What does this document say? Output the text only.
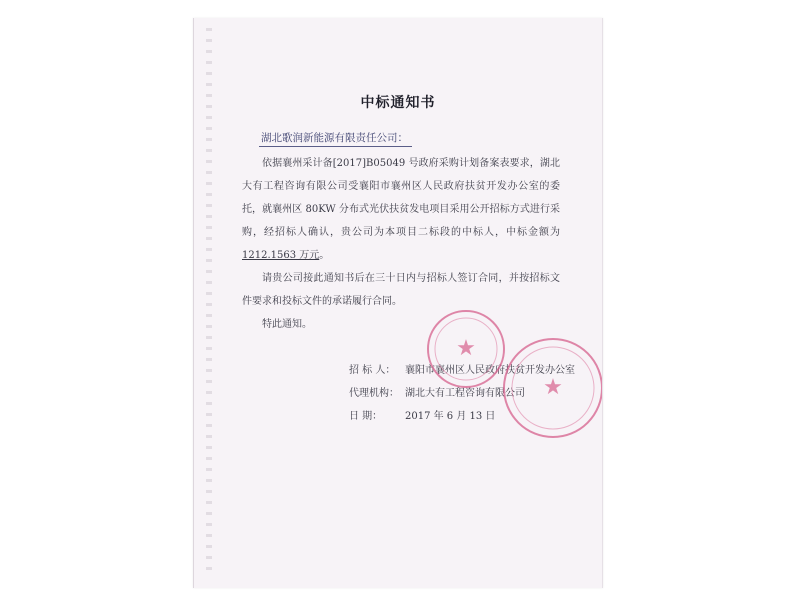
中标通知书
湖北歌润新能源有限责任公司：

依据襄州采计备[2017]B05049 号政府采购计划备案表要求，湖北大有工程咨询有限公司受襄阳市襄州区人民政府扶贫开发办公室的委托，就襄州区 80KW 分布式光伏扶贫发电项目采用公开招标方式进行采购，经招标人确认，贵公司为本项目二标段的中标人，中标金额为 1212.1563 万元。

请贵公司接此通知书后在三十日内与招标人签订合同，并按招标文件要求和投标文件的承诺履行合同。

特此通知。

招 标 人： 襄阳市襄州区人民政府扶贫开发办公室
代理机构： 湖北大有工程咨询有限公司
日 期：	2017 年 6 月 13 日
★
★
